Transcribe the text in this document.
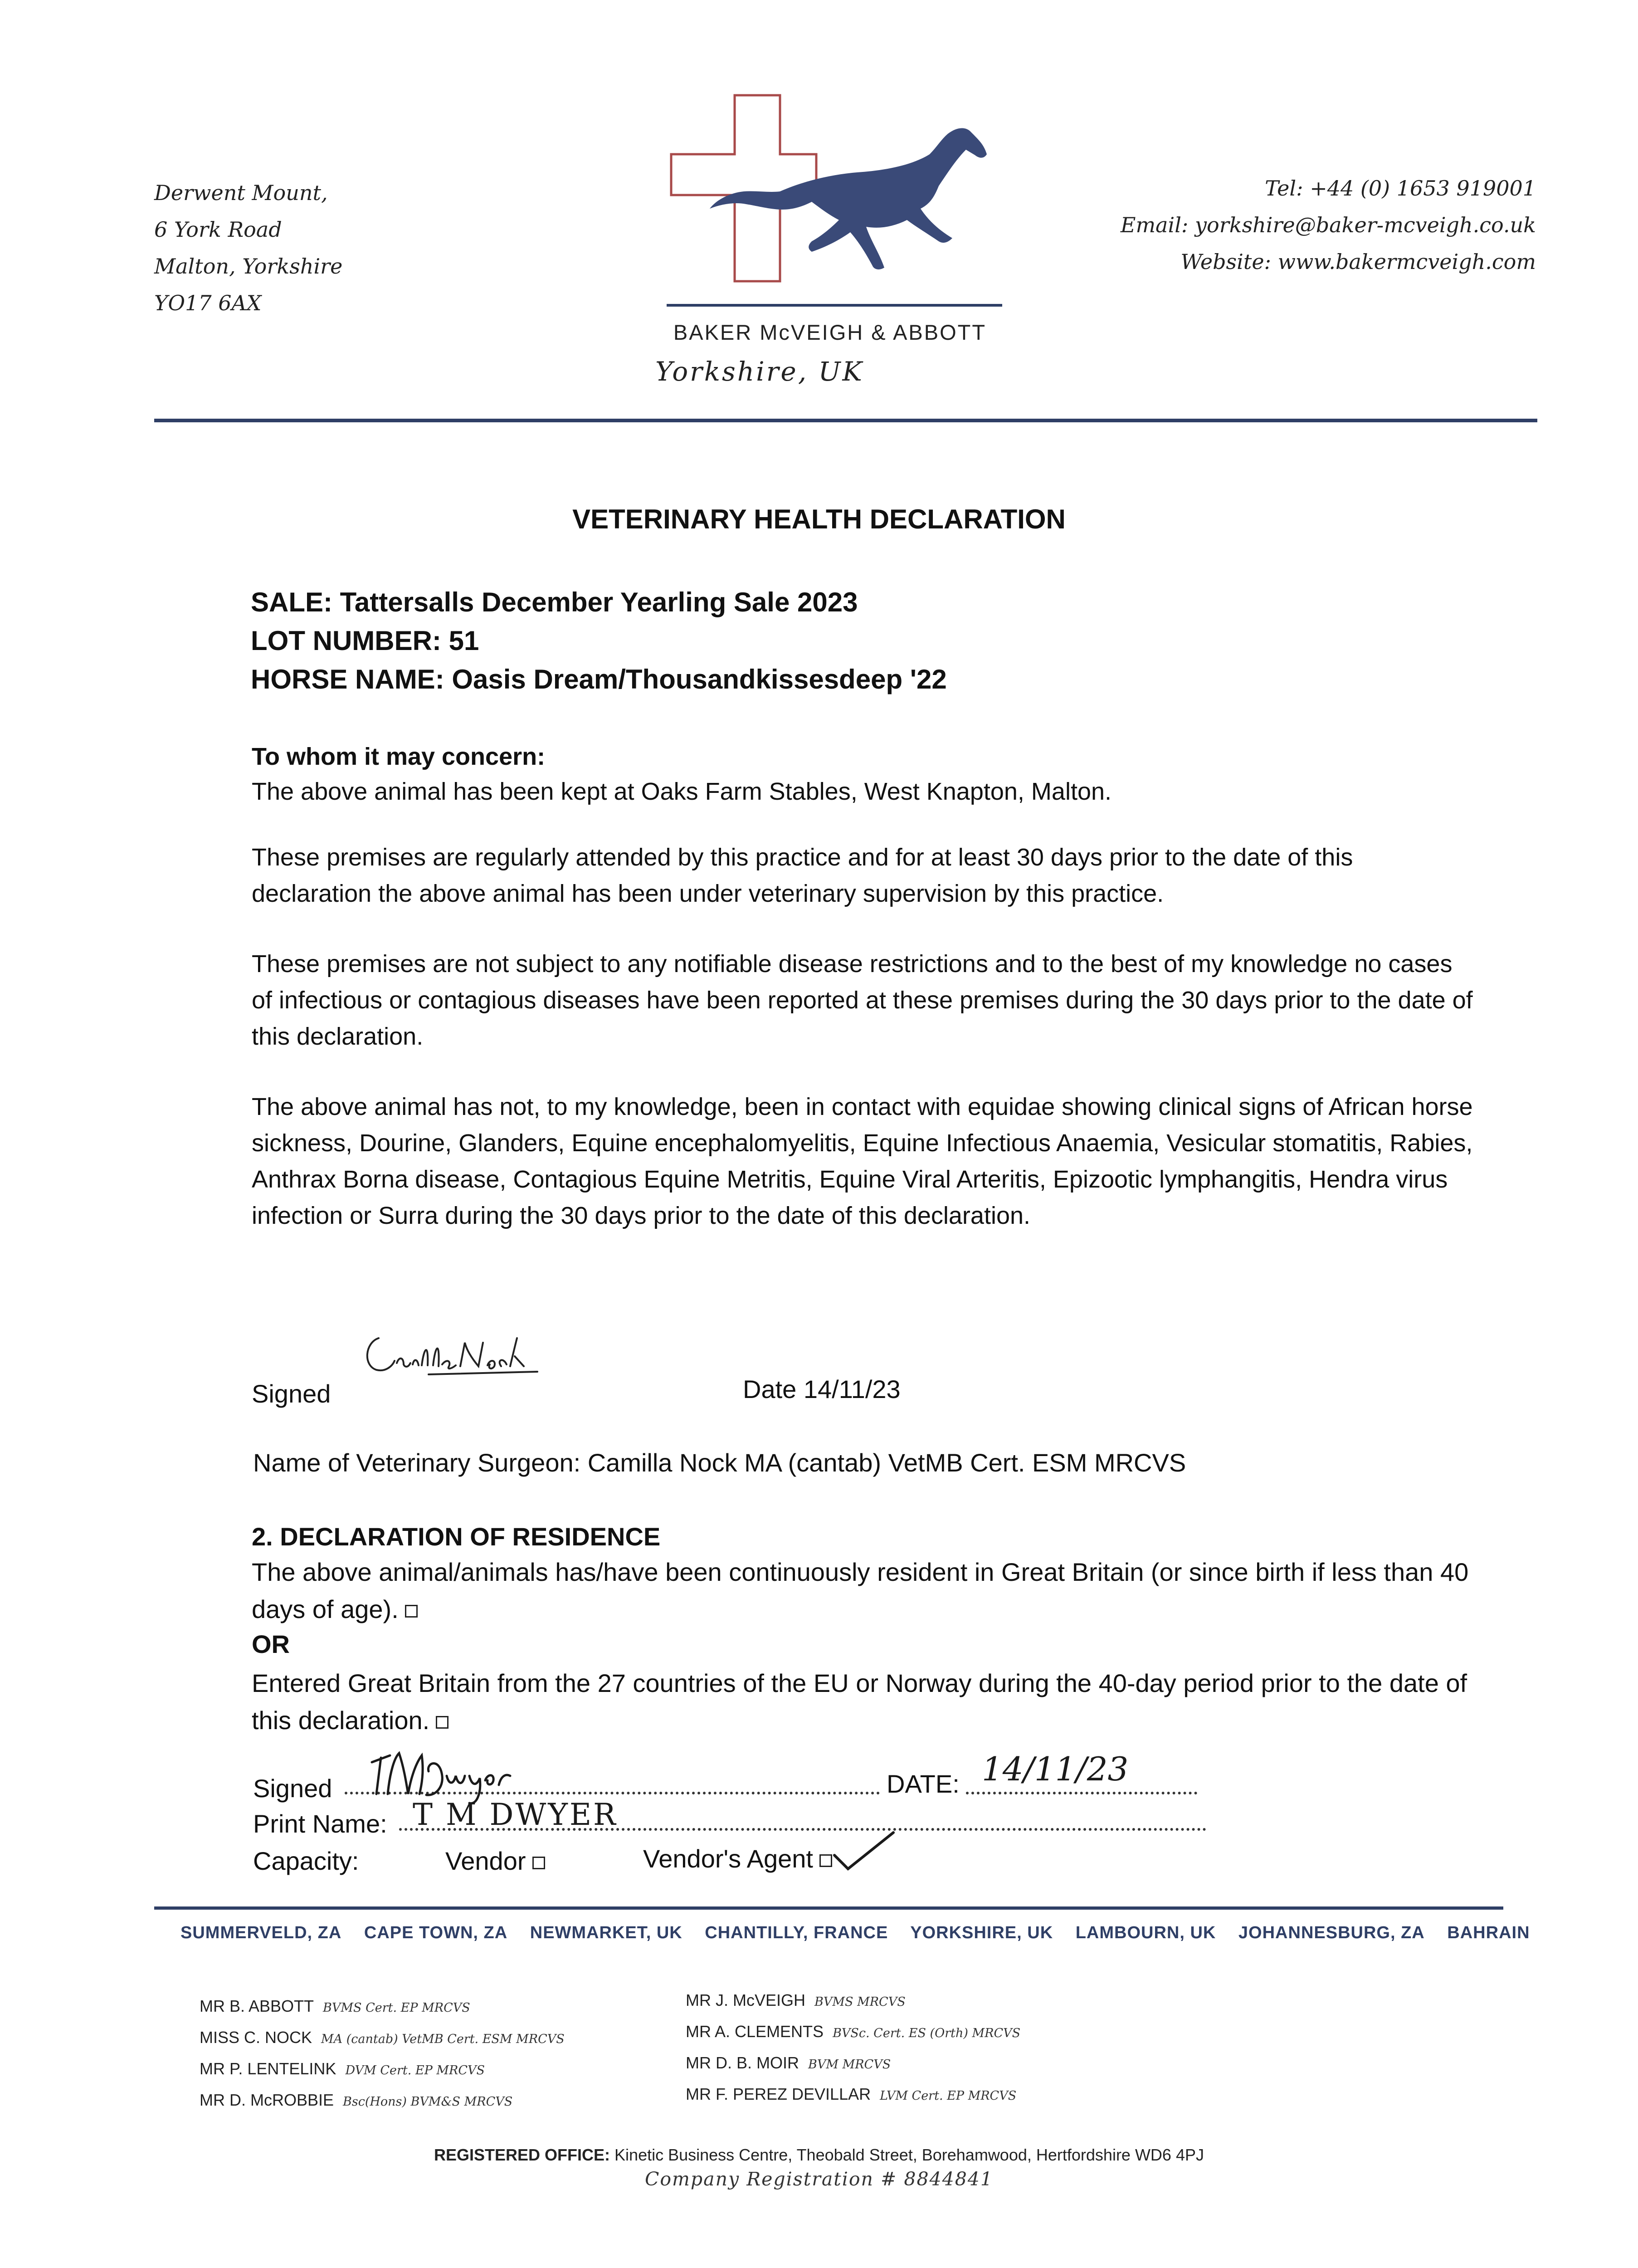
Derwent Mount,
6 York Road
Malton, Yorkshire
YO17 6AX
BAKER McVEIGH & ABBOTT
Yorkshire, UK
Tel: +44 (0) 1653 919001
Email: yorkshire@baker-mcveigh.co.uk
Website: www.bakermcveigh.com
VETERINARY HEALTH DECLARATION
SALE: Tattersalls December Yearling Sale 2023
LOT NUMBER: 51
HORSE NAME: Oasis Dream/Thousandkissesdeep '22
To whom it may concern:
The above animal has been kept at Oaks Farm Stables, West Knapton, Malton.
These premises are regularly attended by this practice and for at least 30 days prior to the date of this declaration the above animal has been under veterinary supervision by this practice.
These premises are not subject to any notifiable disease restrictions and to the best of my knowledge no cases of infectious or contagious diseases have been reported at these premises during the 30 days prior to the date of this declaration.
The above animal has not, to my knowledge, been in contact with equidae showing clinical signs of African horse sickness, Dourine, Glanders, Equine encephalomyelitis, Equine Infectious Anaemia, Vesicular stomatitis, Rabies, Anthrax Borna disease, Contagious Equine Metritis, Equine Viral Arteritis, Epizootic lymphangitis, Hendra virus infection or Surra during the 30 days prior to the date of this declaration.
Signed	Date 14/11/23
Name of Veterinary Surgeon: Camilla Nock MA (cantab) VetMB Cert. ESM MRCVS
2. DECLARATION OF RESIDENCE
The above animal/animals has/have been continuously resident in Great Britain (or since birth if less than 40 days of age).
OR
Entered Great Britain from the 27 countries of the EU or Norway during the 40-day period prior to the date of this declaration.
Signed	DATE: 14/11/23
Print Name: T M DWYER
Capacity:	Vendor	Vendor's Agent
SUMMERVELD, ZA CAPE TOWN, ZA NEWMARKET, UK CHANTILLY, FRANCE YORKSHIRE, UK LAMBOURN, UK JOHANNESBURG, ZA BAHRAIN
MR B. ABBOTT BVMS Cert. EP MRCVS
MISS C. NOCK MA (cantab) VetMB Cert. ESM MRCVS
MR P. LENTELINK DVM Cert. EP MRCVS
MR D. McROBBIE Bsc(Hons) BVM&S MRCVS
MR J. McVEIGH BVMS MRCVS
MR A. CLEMENTS BVSc. Cert. ES (Orth) MRCVS
MR D. B. MOIR BVM MRCVS
MR F. PEREZ DEVILLAR LVM Cert. EP MRCVS
REGISTERED OFFICE: Kinetic Business Centre, Theobald Street, Borehamwood, Hertfordshire WD6 4PJ
Company Registration # 8844841
